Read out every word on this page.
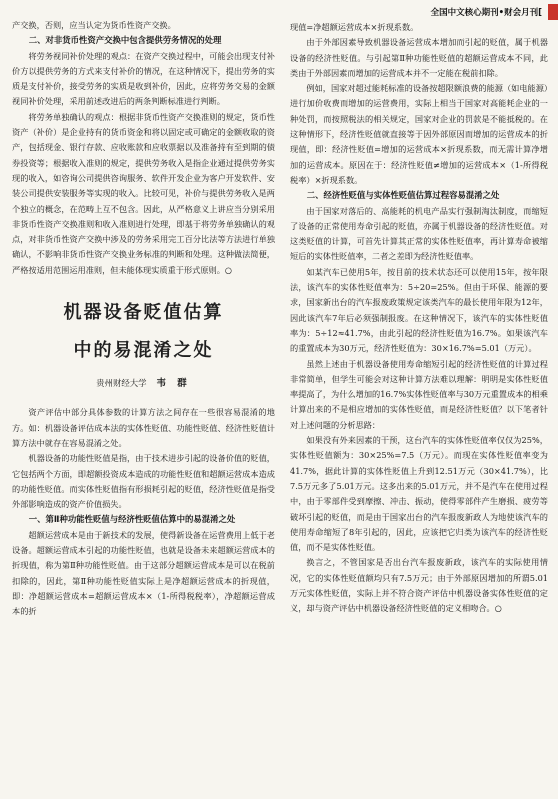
全国中文核心期刊•财会月刊[

产交换，否则，应当认定为货币性资产交换。

二、对非货币性资产交换中包含提供劳务情况的处理

将劳务视同补价处理的观点：在资产交换过程中，可能会出现支付补价方以提供劳务的方式来支付补价的情况，在这种情况下，提出劳务的实质是支付补价，接受劳务的实质是收到补价，因此，应将劳务交易的金额视同补价处理，采用前述改进后的两条判断标准进行判断。

将劳务单独确认的观点：根据非货币性资产交换准则的规定，货币性资产（补价）是企业持有的货币资金和将以固定或可确定的金额收取的资产，包括现金、银行存款、应收账款和应收票据以及准备持有至到期的债券投资等；根据收入准则的规定，提供劳务收入是指企业通过提供劳务实现的收入，如咨询公司提供咨询服务、软件开发企业为客户开发软件、安装公司提供安装服务等实现的收入。比较可见，补价与提供劳务收入是两个独立的概念，在范畴上互不包含。因此，从严格意义上讲应当分别采用非货币性资产交换准则和收入准则进行处理，即基于将劳务单独确认的观点，对非货币性资产交换中涉及的劳务采用完工百分比法等方法进行单独确认，不影响非货币性资产交换业务标准的判断和处理。这种做法简便，严格按适用范围运用准则，但未能体现实质重于形式原则。○

机器设备贬值估算
中的易混淆之处
贵州财经大学 韦 群

资产评估中部分具体参数的计算方法之间存在一些很容易混淆的地方。如：机器设备评估成本法的实体性贬值、功能性贬值、经济性贬值计算方法中就存在容易混淆之处。

机器设备的功能性贬值是指，由于技术进步引起的设备价值的贬值，它包括两个方面，即超额投资成本造成的功能性贬值和超额运营成本造成的功能性贬值。而实体性贬值指有形损耗引起的贬值，经济性贬值是指受外部影响造成的资产价值损失。

一、第Ⅱ种功能性贬值与经济性贬值估算中的易混淆之处

超额运营成本是由于新技术的发展，使得新设备在运营费用上低于老设备。超额运营成本引起的功能性贬值，也就是设备未来超额运营成本的折现值，称为第Ⅱ种功能性贬值。由于这部分超额运营成本是可以在税前扣除的，因此，第Ⅱ种功能性贬值实际上是净超额运营成本的折现值，即：净超额运营成本=超额运营成本×（1-所得税税率），净超额运营成本的折

现值=净超额运营成本×折现系数。

由于外部因素导致机器设备运营成本增加而引起的贬值，属于机器设备的经济性贬值。与引起第Ⅱ种功能性贬值的超额运营成本不同，此类由于外部因素而增加的运营成本并不一定能在税前扣除。

例如，国家对超过能耗标准的设备按超限额浪费的能源（如电能源）进行加价收费而增加的运营费用，实际上相当于国家对高能耗企业的一种处罚，而按照税法的相关规定，国家对企业的罚款是不能抵税的。在这种情形下，经济性贬值就直接等于因外部原因而增加的运营成本的折现值，即：经济性贬值=增加的运营成本×折现系数，而无需计算净增加的运营成本。原因在于：经济性贬值≠增加的运营成本×（1-所得税税率）×折现系数。

二、经济性贬值与实体性贬值估算过程容易混淆之处

由于国家对落后的、高能耗的机电产品实行强制淘汰制度，而缩短了设备的正常使用寿命引起的贬值，亦属于机器设备的经济性贬值。对这类贬值的计算，可首先计算其正常的实体性贬值率，再计算寿命被缩短后的实体性贬值率，二者之差即为经济性贬值率。

如某汽车已使用5年，按目前的技术状态还可以使用15年，按年限法，该汽车的实体性贬值率为：5÷20=25%。但由于环保、能源的要求，国家新出台的汽车报废政策规定该类汽车的最长使用年限为12年，因此该汽车7年后必须强制报废。在这种情况下，该汽车的实体性贬值率为：5÷12≈41.7%，由此引起的经济性贬值为16.7%。如果该汽车的重置成本为30万元，经济性贬值为：30×16.7%=5.01（万元）。

虽然上述由于机器设备使用寿命缩短引起的经济性贬值的计算过程非常简单，但学生可能会对这种计算方法难以理解：明明是实体性贬值率提高了，为什么增加的16.7%实体性贬值率与30万元重置成本的相乘计算出来的不是相应增加的实体性贬值，而是经济性贬值？以下笔者针对上述问题的分析思路：

如果没有外来因素的干预，这台汽车的实体性贬值率仅仅为25%，实体性贬值额为：30×25%=7.5（万元）。而现在实体性贬值率变为41.7%，据此计算的实体性贬值上升到12.51万元（30×41.7%），比7.5万元多了5.01万元。这多出来的5.01万元，并不是汽车在使用过程中，由于零部件受到摩擦、冲击、振动，使得零部件产生磨损、疲劳等破坏引起的贬值，而是由于国家出台的汽车报废新政人为地使该汽车的使用寿命缩短了8年引起的，因此，应该把它归类为该汽车的经济性贬值，而不是实体性贬值。

换言之，不管国家是否出台汽车报废新政，该汽车的实际使用情况，它的实体性贬值额均只有7.5万元；由于外部原因增加的所谓5.01万元实体性贬值，实际上并不符合资产评估中机器设备实体性贬值的定义，却与资产评估中机器设备经济性贬值的定义相吻合。○
